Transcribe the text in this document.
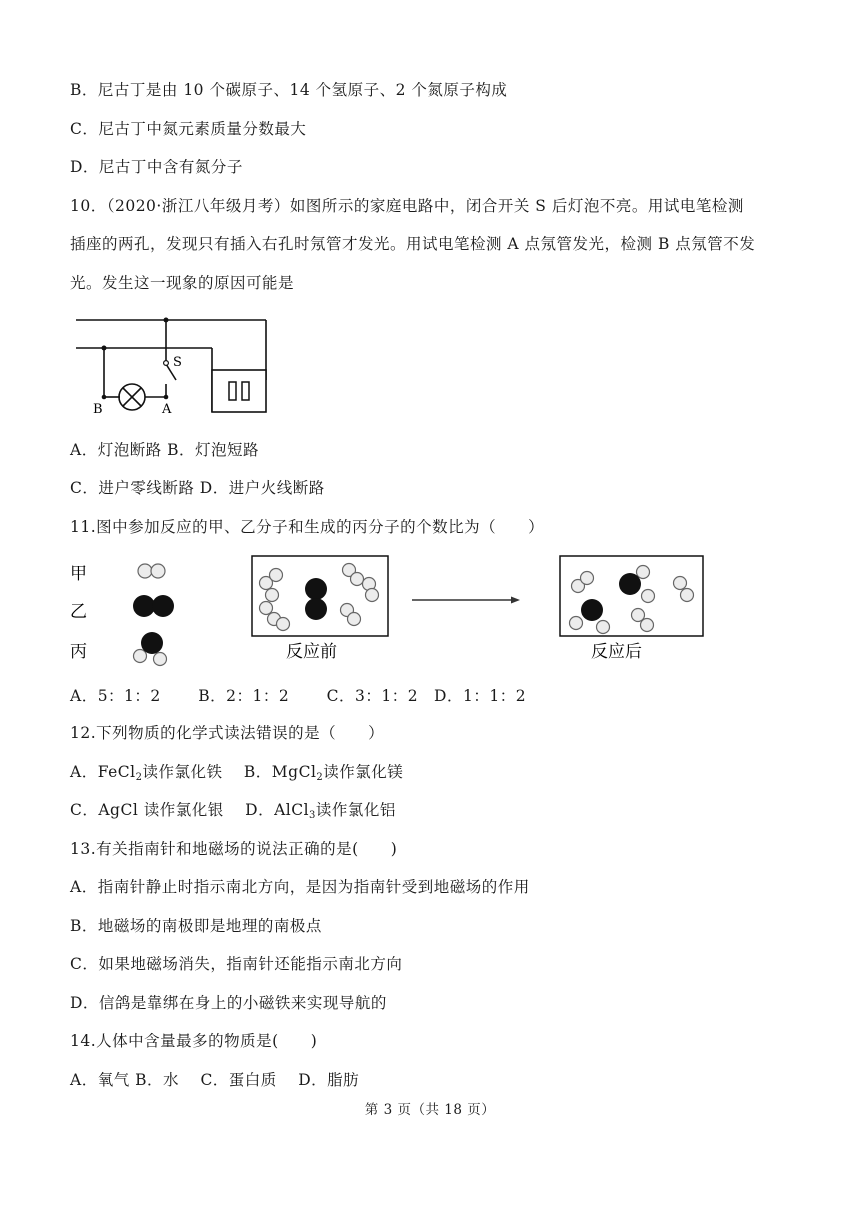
B．尼古丁是由 10 个碳原子、14 个氢原子、2 个氮原子构成
C．尼古丁中氮元素质量分数最大
D．尼古丁中含有氮分子
10．（2020·浙江八年级月考）如图所示的家庭电路中，闭合开关 S 后灯泡不亮。用试电笔检测
插座的两孔，发现只有插入右孔时氖管才发光。用试电笔检测 A 点氖管发光，检测 B 点氖管不发
光。发生这一现象的原因可能是
S
B	A
A．灯泡断路 B．灯泡短路
C．进户零线断路 D．进户火线断路
11.图中参加反应的甲、乙分子和生成的丙分子的个数比为（　　）
甲
乙
丙	反应前	反应后
A．5：1：2　　 B．2：1：2　　 C．3：1：2　D．1：1：2
12.下列物质的化学式读法错误的是（　　）
A．FeCl$_2$读作氯化铁　 B．MgCl$_2$读作氯化镁
C．AgCl 读作氯化银　 D．AlCl$_3$读作氯化铝
13.有关指南针和地磁场的说法正确的是(　　)
A．指南针静止时指示南北方向，是因为指南针受到地磁场的作用
B．地磁场的南极即是地理的南极点
C．如果地磁场消失，指南针还能指示南北方向
D．信鸽是靠绑在身上的小磁铁来实现导航的
14.人体中含量最多的物质是(　　)
A．氧气 B．水　 C．蛋白质　 D．脂肪
第 3 页（共 18 页）
